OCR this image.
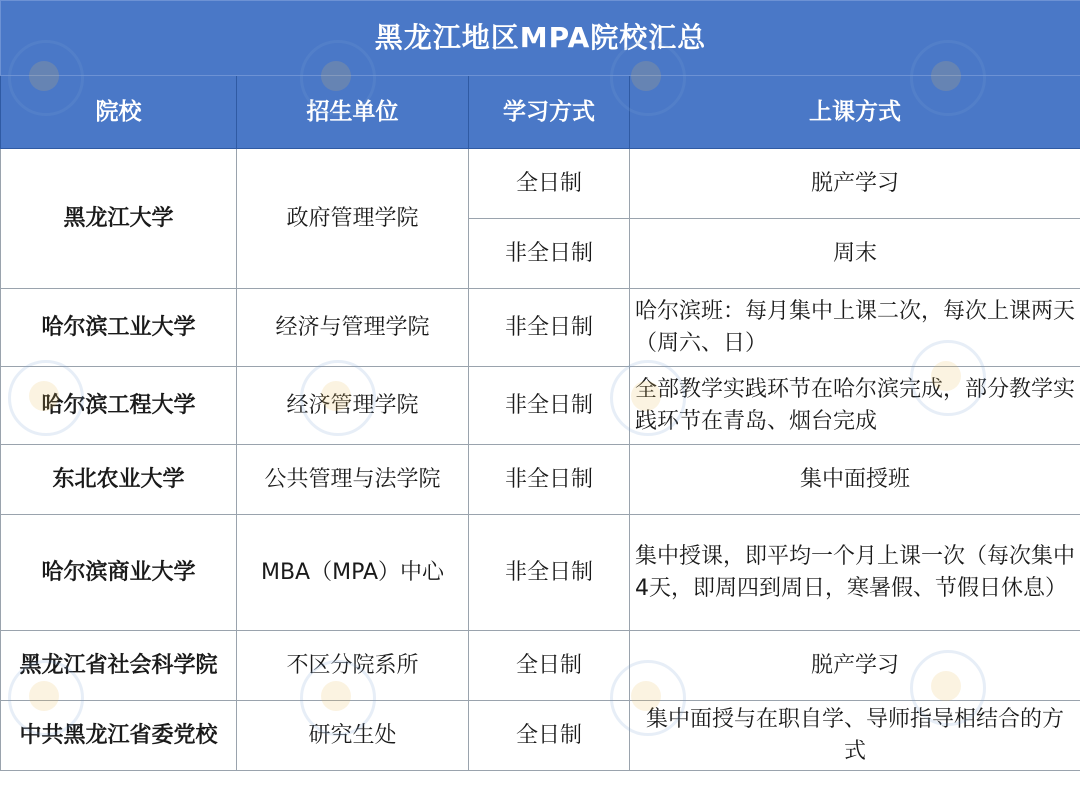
黑龙江地区MPA院校汇总			
院校	招生单位	学习方式	上课方式
黑龙江大学	政府管理学院	全日制	脱产学习
		非全日制	周末
哈尔滨工业大学	经济与管理学院	非全日制	哈尔滨班：每月集中上课二次，每次上课两天（周六、日）
哈尔滨工程大学	经济管理学院	非全日制	全部教学实践环节在哈尔滨完成，部分教学实践环节在青岛、烟台完成
东北农业大学	公共管理与法学院	非全日制	集中面授班
哈尔滨商业大学	MBA（MPA）中心	非全日制	集中授课，即平均一个月上课一次（每次集中4天，即周四到周日，寒暑假、节假日休息）
黑龙江省社会科学院	不区分院系所	全日制	脱产学习
中共黑龙江省委党校	研究生处	全日制	集中面授与在职自学、导师指导相结合的方式
